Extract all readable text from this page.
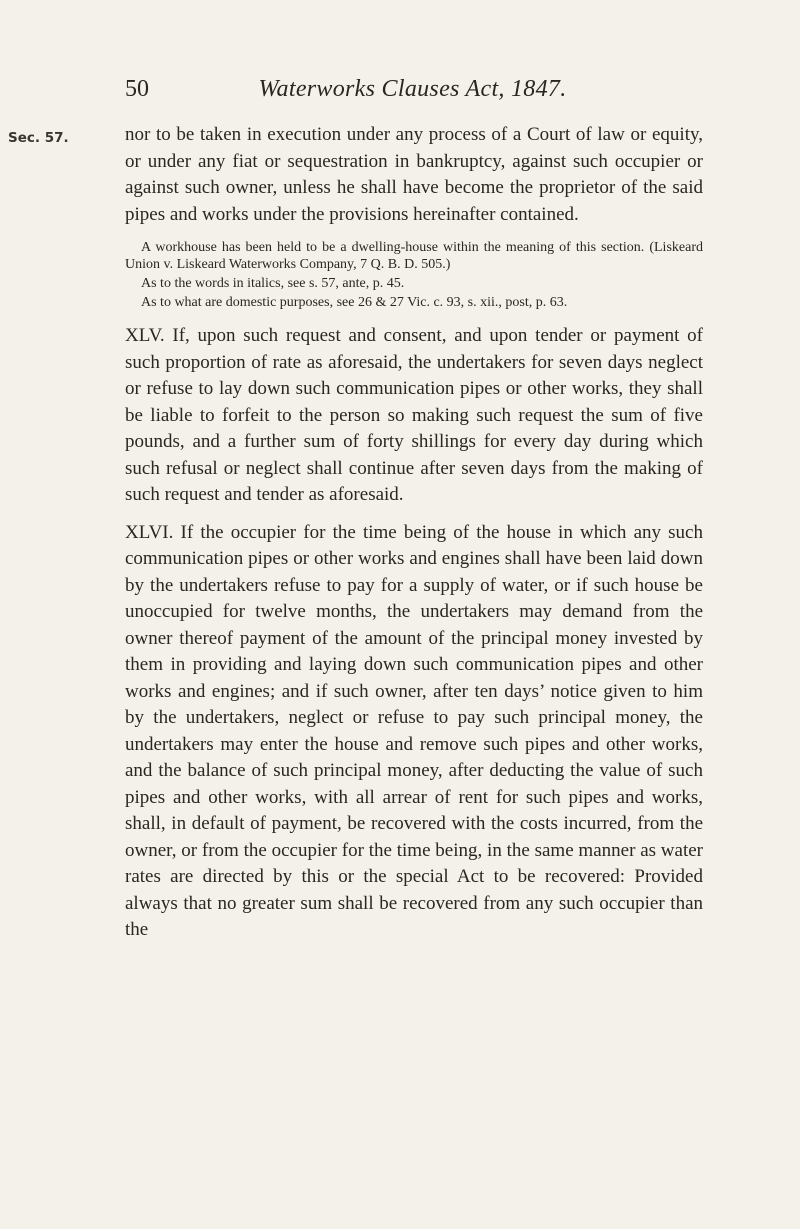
50	Waterworks Clauses Act, 1847.
Sec. 57.	nor to be taken in execution under any process of a Court of law or equity, or under any fiat or sequestration in bankruptcy, against such occupier or against such owner, unless he shall have become the proprietor of the said pipes and works under the provisions hereinafter contained.

A workhouse has been held to be a dwelling-house within the meaning of this section. (Liskeard Union v. Liskeard Waterworks Company, 7 Q. B. D. 505.)

As to the words in italics, see s. 57, ante, p. 45.

As to what are domestic purposes, see 26 & 27 Vic. c. 93, s. xii., post, p. 63.

XLV. If, upon such request and consent, and upon tender or payment of such proportion of rate as aforesaid, the undertakers for seven days neglect or refuse to lay down such communication pipes or other works, they shall be liable to forfeit to the person so making such request the sum of five pounds, and a further sum of forty shillings for every day during which such refusal or neglect shall continue after seven days from the making of such request and tender as aforesaid.

XLVI. If the occupier for the time being of the house in which any such communication pipes or other works and engines shall have been laid down by the undertakers refuse to pay for a supply of water, or if such house be unoccupied for twelve months, the undertakers may demand from the owner thereof payment of the amount of the principal money invested by them in providing and laying down such communication pipes and other works and engines; and if such owner, after ten days’ notice given to him by the undertakers, neglect or refuse to pay such principal money, the undertakers may enter the house and remove such pipes and other works, and the balance of such principal money, after deducting the value of such pipes and other works, with all arrear of rent for such pipes and works, shall, in default of payment, be recovered with the costs incurred, from the owner, or from the occupier for the time being, in the same manner as water rates are directed by this or the special Act to be recovered: Provided always that no greater sum shall be recovered from any such occupier than the
